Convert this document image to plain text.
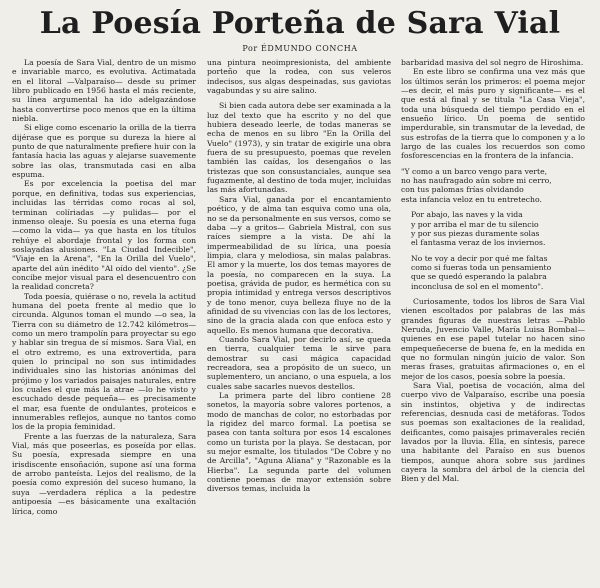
La Poesía Porteña de Sara Vial
Por ÉDMUNDO CONCHA

La poesía de Sara Vial, dentro de un mismo e invariable marco, es evolutiva. Actimatada en el litoral —Valparaíso— desde su primer libro publicado en 1956 hasta el más reciente, su línea argumental ha ido adelgazándose hasta convertirse poco menos que en la última niebla.

Si elige como escenario la orilla de la tierra dijérase que es porque su dureza la hiere al punto de que naturalmente prefiere huir con la fantasía hacia las aguas y alejarse suavemente sobre las olas, transmutada casi en alba espuma.

Es por excelencia la poetisa del mar porque, en definitiva, todas sus experiencias, incluidas las térridas como rocas al sol, terminan colíriadas —y pulidas— por el inmenso oleaje. Su poesía es una eterna fuga —como la vida— ya que hasta en los títulos rehúye el abordaje frontal y los forma con soslayadas alusiones. "La Ciudad Indecible", "Viaje en la Arena", "En la Orilla del Vuelo", aparte del aún inédito "Al oído del viento". ¿Se concibe mejor visual para el desencuentro con la realidad concreta?

Toda poesía, quiérase o no, revela la actitud humana del poeta frente al medio que lo circunda. Algunos toman el mundo —o sea, la Tierra con su diámetro de 12.742 kilómetros— como un mero trampolín para proyectar su ego y hablar sin tregua de sí mismos. Sara Vial, en el otro extremo, es una extrovertida, para quien lo principal no son sus intimidades individuales sino las historias anónimas del prójimo y los variados paisajes naturales, entre los cuales el que más la atrae —lo he visto y escuchado desde pequeña— es precisamente el mar, esa fuente de ondulantes, proteicos e innumerables reflejos, aunque no tantos como los de la propia feminidad.

Frente a las fuerzas de la naturaleza, Sara Vial, más que poseerlas, es poseída por ellas. Su poesía, expresada siempre en una irisdiscente ensoñación, supone así una forma de arrobo panteísta. Lejos del realismo, de la poesía como expresión del suceso humano, la suya —verdadera réplica a la pedestre antipoesía —es básicamente una exaltación lírica, como

una pintura neoimpresionista, del ambiente porteño que la rodea, con sus veleros indecisos, sus algas despeinadas, sus gaviotas vagabundas y su aire salino.

Si bien cada autora debe ser examinada a la luz del texto que ha escrito y no del que hubiera deseado leerle, de todas maneras se echa de menos en su libro "En la Orilla del Vuelo" (1973), y sin tratar de exigirle una obra fuera de su presupuesto, poemas que revelen también las caídas, los desengaños o las tristezas que son consustanciales, aunque sea fugazmente, al destino de toda mujer, incluidas las más afortunadas.

Sara Vial, ganada por el encantamiento poético, y de alma tan esquiva como una ola, no se da personalmente en sus versos, como se daba —y a gritos— Gabriela Mistral, con sus raíces siempre a la vista. De ahí la impermeabilidad de su lírica, una poesía limpia, clara y melodiosa, sin malas palabras. El amor y la muerte, los dos temas mayores de la poesía, no comparecen en la suya. La poetisa, grávida de pudor, es hermética con su propia intimidad y entrega versos descriptivos y de tono menor, cuya belleza fluye no de la afinidad de su vivencias con las de los lectores, sino de la gracia alada con que enfoca esto y aquello. Es menos humana que decorativa.

Cuando Sara Vial, por decirlo así, se queda en tierra, cualquier tema le sirve para demostrar su casi mágica capacidad recreadora, sea a propósito de un sueco, un suplementero, un anciano, o una espuela, a los cuales sabe sacarles nuevos destellos.

La primera parte del libro contiene 28 sonetos, la mayoría sobre valores portenos, a modo de manchas de color, no estorbadas por la rigidez del marco formal. La poetisa se pasea con tanta soltura por esos 14 escalones como un turista por la playa. Se destacan, por su mejor esmalte, los titulados "De Cobre y no de Arcilla", "Aguna Aliana" y "Razonable es la Hierba". La segunda parte del volumen contiene poemas de mayor extensión sobre diversos temas, incluida la

barbaridad masiva del sol negro de Hiroshima.

En este libro se confirma una vez más que los últimos serán los primeros: el poema mejor —es decir, el más puro y significante— es el que está al final y se titula "La Casa Vieja", toda una búsqueda del tiempo perdido en el ensueño lírico. Un poema de sentido imperdurable, sin transmutar de la levedad, de sus estrofas de la tierra que lo componen y a lo largo de las cuales los recuerdos son como fosforescencias en la frontera de la infancia.

"Y como a un barco vengo para verte,
no has naufragado aún sobre mi cerro,
con tus palomas frías olvidando
esta infancia veloz en tu entretecho.

Por abajo, las naves y la vida
y por arriba el mar de tu silencio
y por sus piezas duramente solas
el fantasma veraz de los inviernos.

No te voy a decir por qué me faltas
como si fueras toda un pensamiento
que se quedó esperando la palabra
inconclusa de sol en el momento".

Curiosamente, todos los libros de Sara Vial vienen escoltados por palabras de las más grandes figuras de nuestras letras —Pablo Neruda, Juvencio Valle, María Luisa Bombal— quienes en ese papel tutelar no hacen sino empequeñecerse de buena fe, en la medida en que no formulan ningún juicio de valor. Son meras frases, gratuitas afirmaciones o, en el mejor de los casos, poesía sobre la poesía.

Sara Vial, poetisa de vocación, alma del cuerpo vivo de Valparaíso, escribe una poesía sin instintos, objetiva y de indirectas referencias, desnuda casi de metáforas. Todos sus poemas son exaltaciones de la realidad, deificantes, como paisajes primaverales recién lavados por la lluvia. Ella, en síntesis, parece una habitante del Paraíso en sus buenos tiempos, aunque ahora sobre sus jardines cayera la sombra del árbol de la ciencia del Bien y del Mal.
